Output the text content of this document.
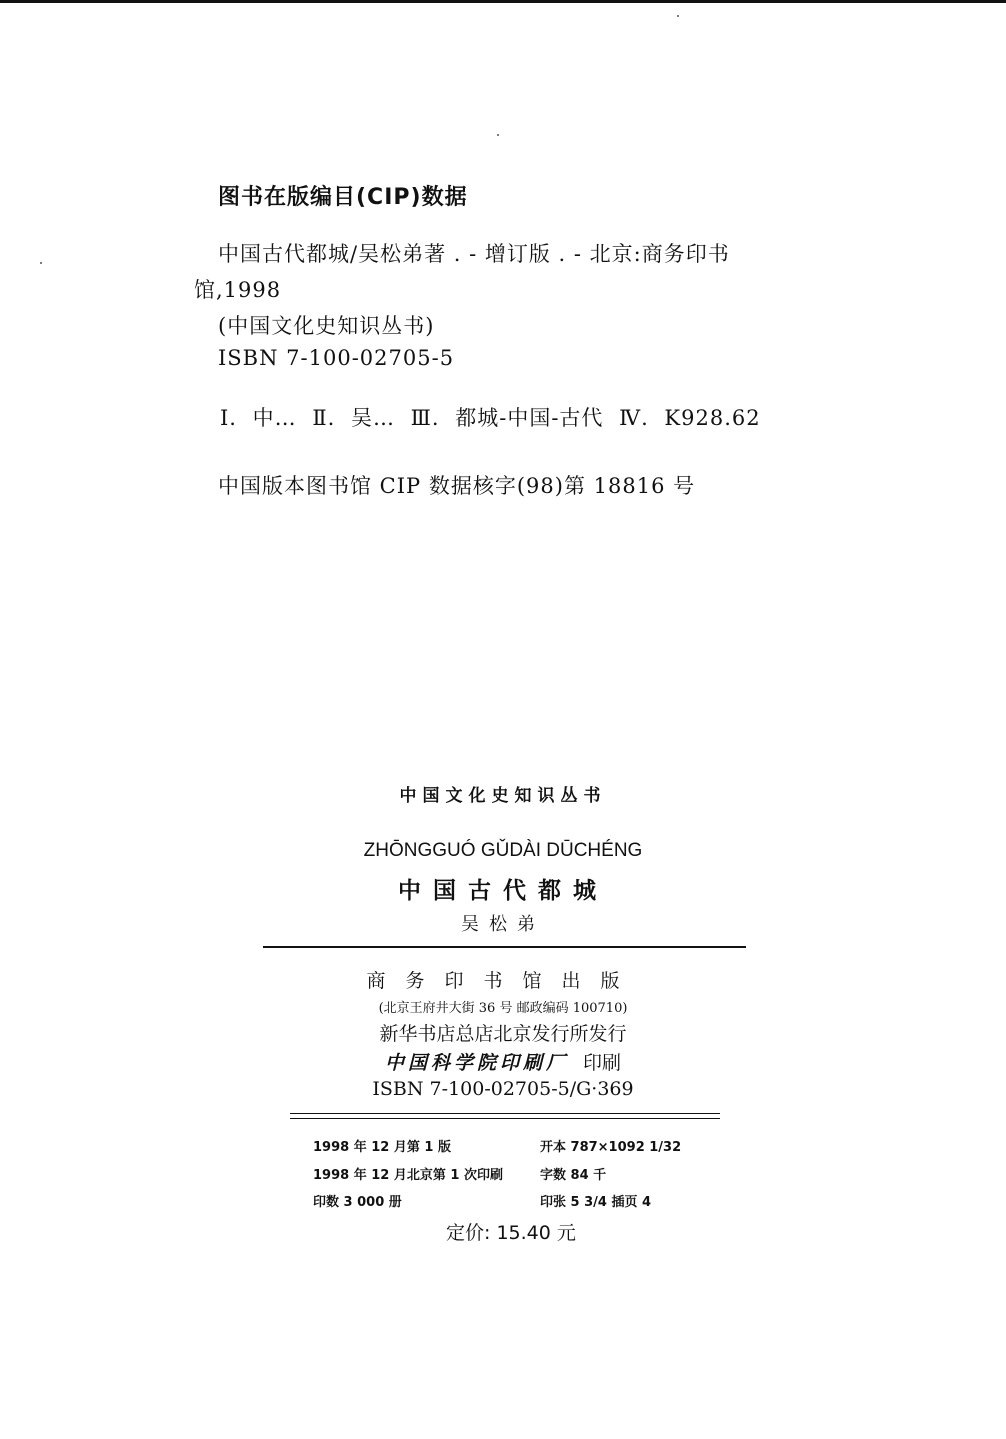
图书在版编目(CIP)数据
中国古代都城/吴松弟著 . - 增订版 . - 北京:商务印书
馆,1998
(中国文化史知识丛书)
ISBN 7-100-02705-5
Ⅰ. 中… Ⅱ. 吴… Ⅲ. 都城-中国-古代 Ⅳ. K928.62
中国版本图书馆 CIP 数据核字(98)第 18816 号
中国文化史知识丛书
ZHŌNGGUÓ GǓDÀI DŪCHÉNG
中国古代都城
吴松弟
商务印书馆出版
(北京王府井大街 36 号 邮政编码 100710)
新华书店总店北京发行所发行
中国科学院印刷厂 印刷
ISBN 7-100-02705-5/G·369
1998 年 12 月第 1 版	开本 787×1092 1/32
1998 年 12 月北京第 1 次印刷	字数 84 千
印数 3 000 册	印张 5 3/4 插页 4
定价: 15.40 元
